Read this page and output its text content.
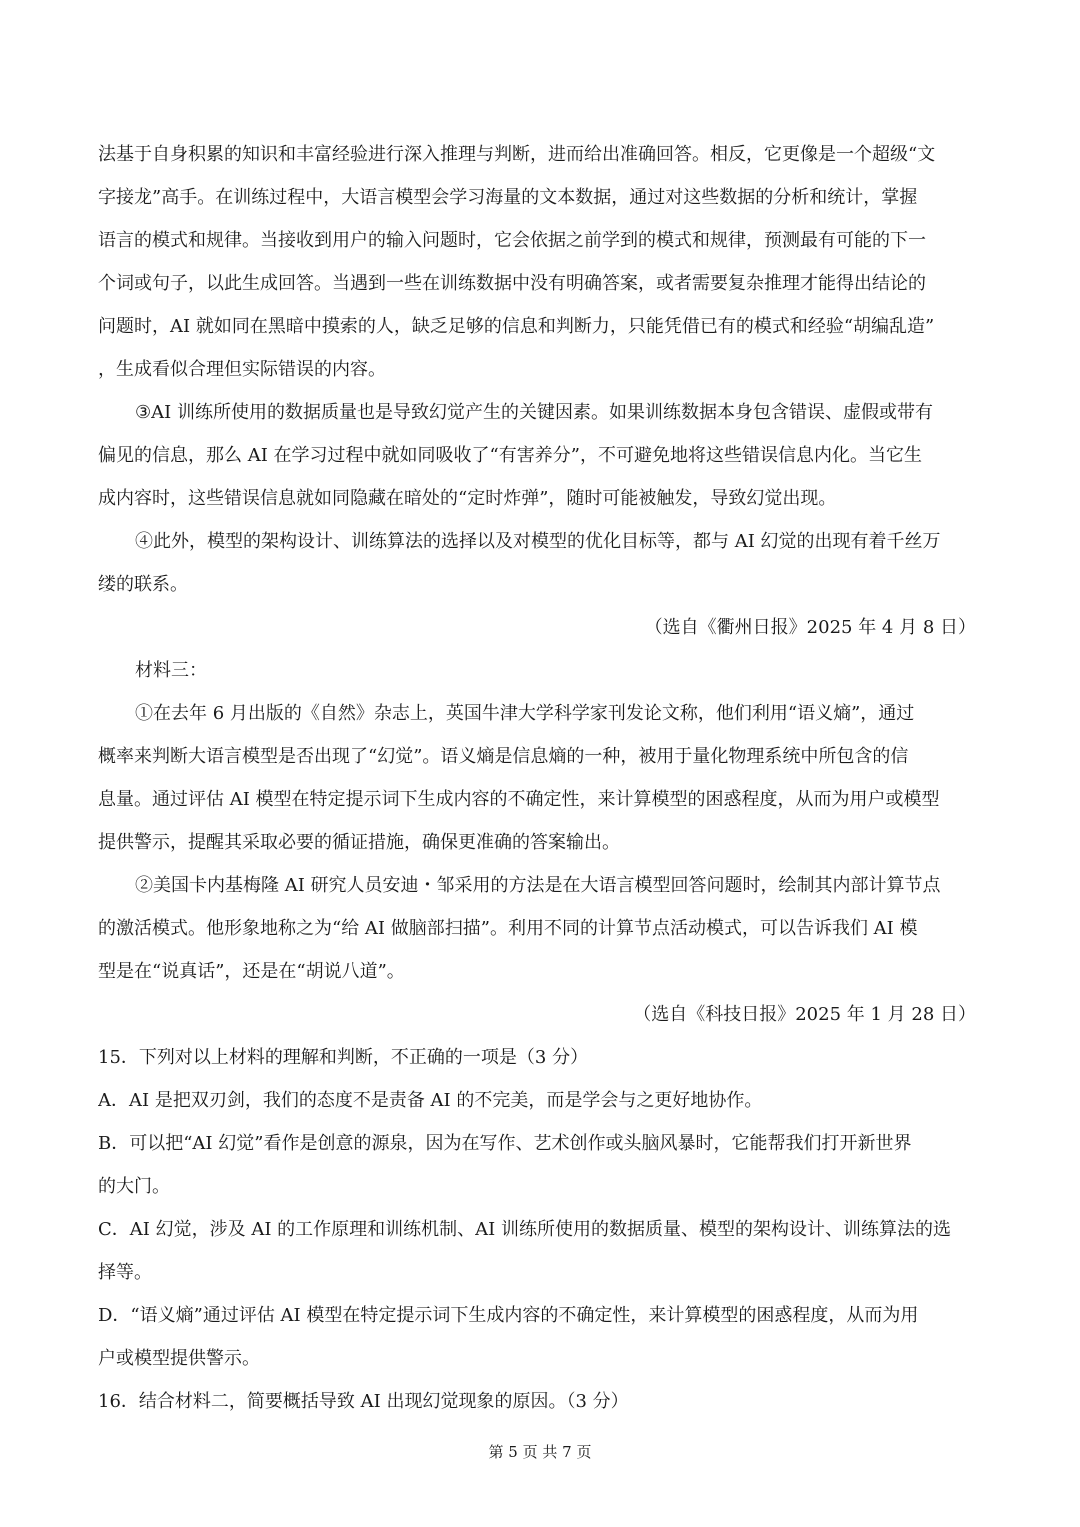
法基于自身积累的知识和丰富经验进行深入推理与判断，进而给出准确回答。相反，它更像是一个超级“文
字接龙”高手。在训练过程中，大语言模型会学习海量的文本数据，通过对这些数据的分析和统计，掌握
语言的模式和规律。当接收到用户的输入问题时，它会依据之前学到的模式和规律，预测最有可能的下一
个词或句子，以此生成回答。当遇到一些在训练数据中没有明确答案，或者需要复杂推理才能得出结论的
问题时，AI 就如同在黑暗中摸索的人，缺乏足够的信息和判断力，只能凭借已有的模式和经验“胡编乱造”
，生成看似合理但实际错误的内容。
③AI 训练所使用的数据质量也是导致幻觉产生的关键因素。如果训练数据本身包含错误、虚假或带有
偏见的信息，那么 AI 在学习过程中就如同吸收了“有害养分”，不可避免地将这些错误信息内化。当它生
成内容时，这些错误信息就如同隐藏在暗处的“定时炸弹”，随时可能被触发，导致幻觉出现。
④此外，模型的架构设计、训练算法的选择以及对模型的优化目标等，都与 AI 幻觉的出现有着千丝万
缕的联系。
（选自《衢州日报》2025 年 4 月 8 日）
材料三：
①在去年 6 月出版的《自然》杂志上，英国牛津大学科学家刊发论文称，他们利用“语义熵”，通过
概率来判断大语言模型是否出现了“幻觉”。语义熵是信息熵的一种，被用于量化物理系统中所包含的信
息量。通过评估 AI 模型在特定提示词下生成内容的不确定性，来计算模型的困惑程度，从而为用户或模型
提供警示，提醒其采取必要的循证措施，确保更准确的答案输出。
②美国卡内基梅隆 AI 研究人员安迪・邹采用的方法是在大语言模型回答问题时，绘制其内部计算节点
的激活模式。他形象地称之为“给 AI 做脑部扫描”。利用不同的计算节点活动模式，可以告诉我们 AI 模
型是在“说真话”，还是在“胡说八道”。
（选自《科技日报》2025 年 1 月 28 日）
15．下列对以上材料的理解和判断，不正确的一项是（3 分）
A．AI 是把双刃剑，我们的态度不是责备 AI 的不完美，而是学会与之更好地协作。
B．可以把“AI 幻觉”看作是创意的源泉，因为在写作、艺术创作或头脑风暴时，它能帮我们打开新世界
的大门。
C．AI 幻觉，涉及 AI 的工作原理和训练机制、AI 训练所使用的数据质量、模型的架构设计、训练算法的选
择等。
D．“语义熵”通过评估 AI 模型在特定提示词下生成内容的不确定性，来计算模型的困惑程度，从而为用
户或模型提供警示。
16．结合材料二，简要概括导致 AI 出现幻觉现象的原因。（3 分）
第 5 页 共 7 页
